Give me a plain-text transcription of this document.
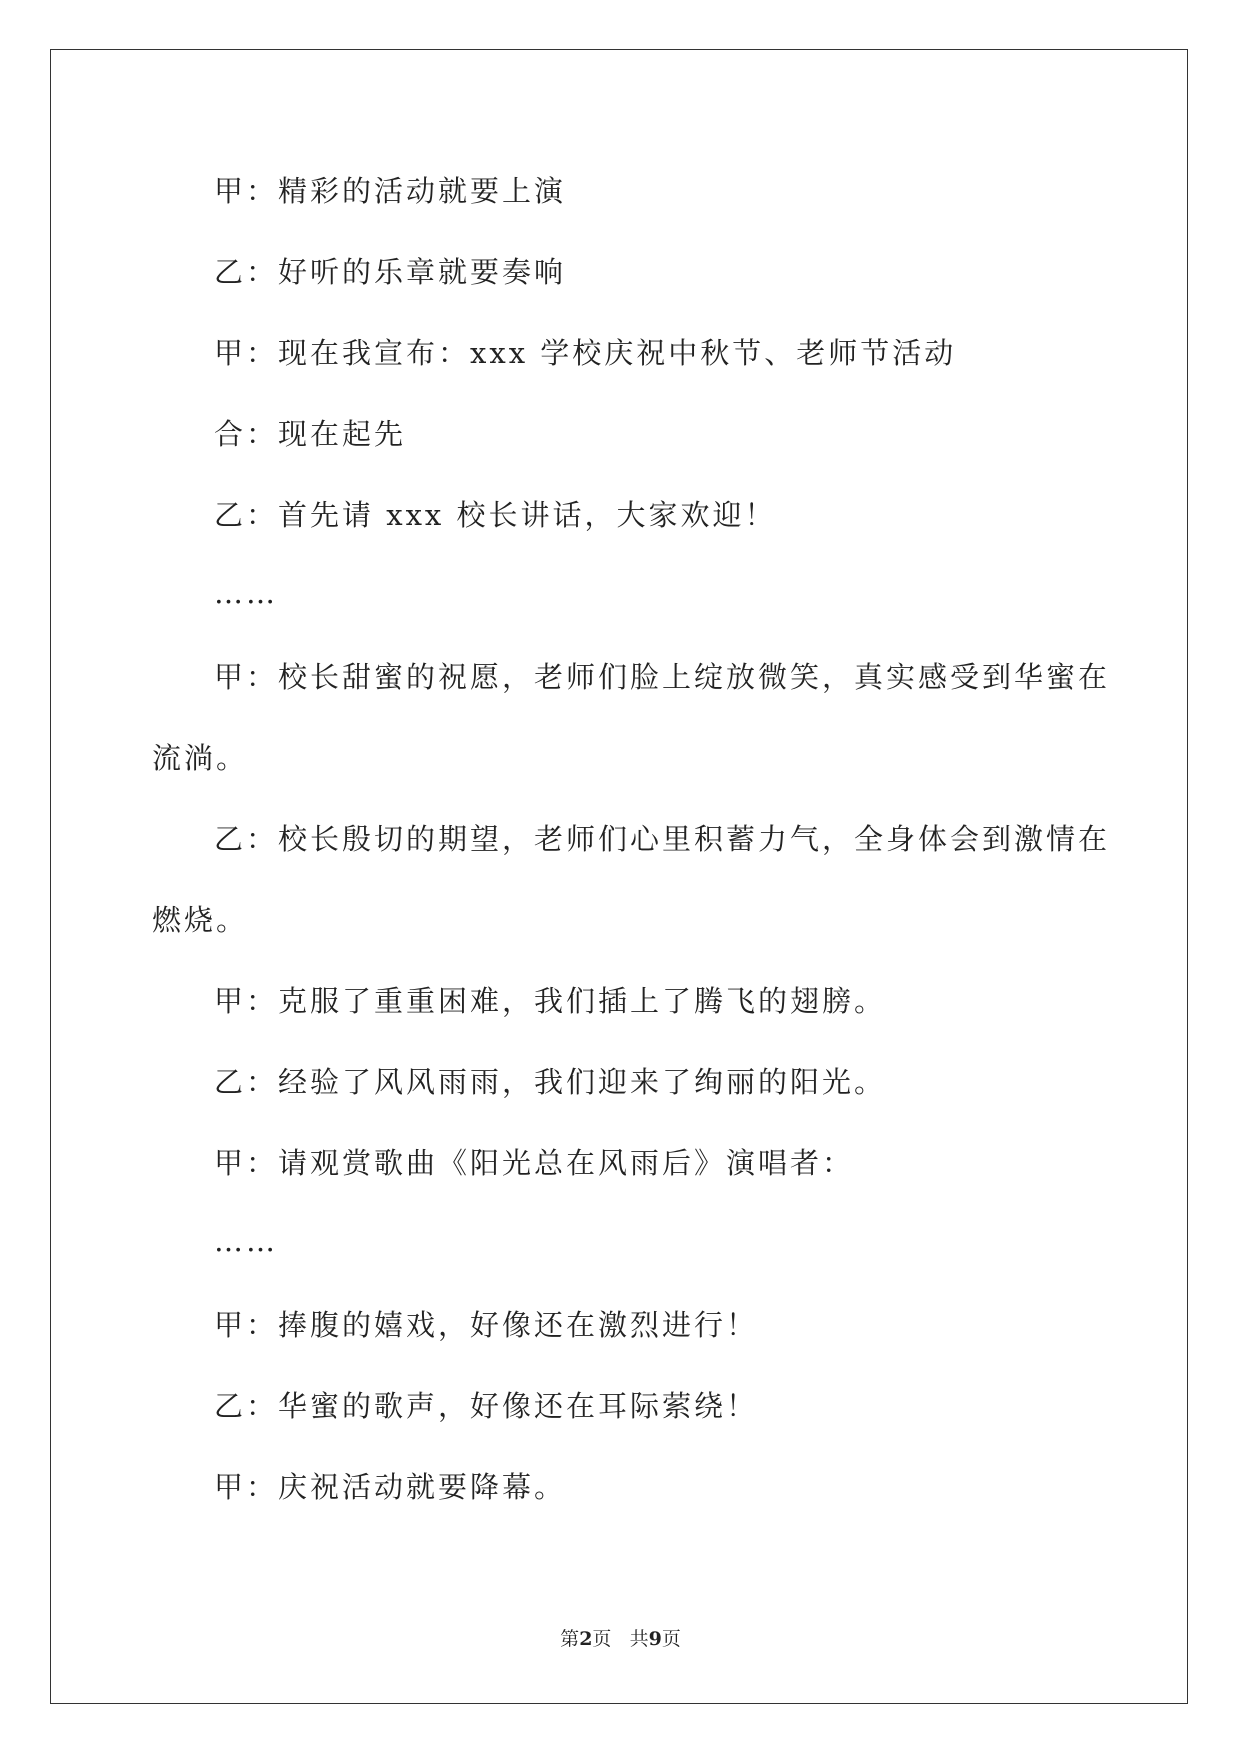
甲：精彩的活动就要上演
乙：好听的乐章就要奏响
甲：现在我宣布：xxx 学校庆祝中秋节、老师节活动
合：现在起先
乙：首先请 xxx 校长讲话，大家欢迎！
……
甲：校长甜蜜的祝愿，老师们脸上绽放微笑，真实感受到华蜜在
流淌。
乙：校长殷切的期望，老师们心里积蓄力气，全身体会到激情在
燃烧。
甲：克服了重重困难，我们插上了腾飞的翅膀。
乙：经验了风风雨雨，我们迎来了绚丽的阳光。
甲：请观赏歌曲《阳光总在风雨后》演唱者：
……
甲：捧腹的嬉戏，好像还在激烈进行！
乙：华蜜的歌声，好像还在耳际萦绕！
甲：庆祝活动就要降幕。
第2页 共9页
